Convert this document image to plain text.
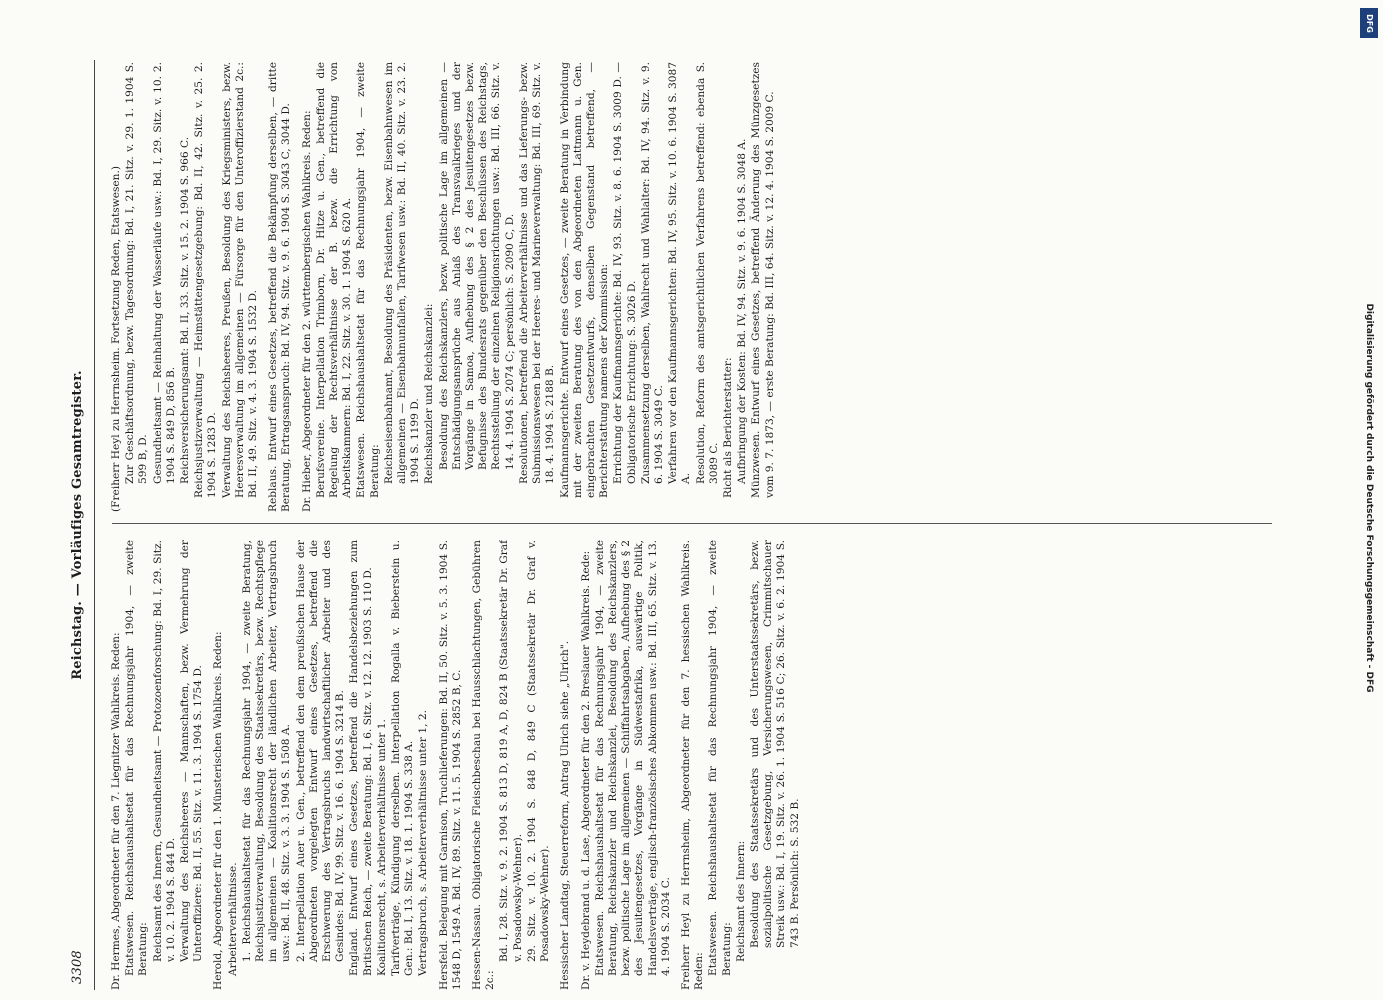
DFG
Digitalisierung gefördert durch die Deutsche Forschungsgemeinschaft - DFG
3308
Reichstag. — Vorläufiges Gesamtregister.

Dr. Hermes, Abgeordneter für den 7. Liegnitzer Wahlkreis. Reden: Etatswesen. Reichshaushaltsetat für das Rechnungsjahr 1904, — zweite Beratung: Reichsamt des Innern, Gesundheitsamt — Protozoenforschung: Bd. I, 29. Sitz. v. 10. 2. 1904 S. 844 D. Verwaltung des Reichsheeres — Mannschaften, bezw. Vermehrung der Unteroffiziere: Bd. II, 55. Sitz. v. 11. 3. 1904 S. 1754 D. Herold, Abgeordneter für den 1. Münsterischen Wahlkreis. Reden: Arbeiterverhältnisse. 1. Reichshaushaltsetat für das Rechnungsjahr 1904, — zweite Beratung, Reichsjustizverwaltung, Besoldung des Staatssekretärs, bezw. Rechtspflege im allgemeinen — Koalitionsrecht der ländlichen Arbeiter, Vertragsbruch usw.: Bd. II, 48. Sitz. v. 3. 3. 1904 S. 1508 A. 2. Interpellation Auer u. Gen., betreffend den dem preußischen Hause der Abgeordneten vorgelegten Entwurf eines Gesetzes, betreffend die Erschwerung des Vertragsbruchs landwirtschaftlicher Arbeiter und des Gesindes: Bd. IV, 99. Sitz. v. 16. 6. 1904 S. 3214 B. England. Entwurf eines Gesetzes, betreffend die Handelsbeziehungen zum Britischen Reich, — zweite Beratung: Bd. I, 6. Sitz. v. 12. 12. 1903 S. 110 D. Koalitionsrecht, s. Arbeiterverhältnisse unter 1. Tarifverträge, Kündigung derselben. Interpellation Rogalla v. Bieberstein u. Gen.: Bd. I, 13. Sitz. v. 18. 1. 1904 S. 338 A. Vertragsbruch, s. Arbeiterverhältnisse unter 1, 2. Hersfeld. Belegung mit Garnison, Truchlieferungen: Bd. II, 50. Sitz. v. 5. 3. 1904 S. 1548 D, 1549 A. Bd. IV, 89. Sitz. v. 11. 5. 1904 S. 2852 B, C. Hessen-Nassau. Obligatorische Fleischbeschau bei Hausschlachtungen, Gebühren 2c.:

Bd. I, 28. Sitz. v. 9. 2. 1904 S. 813 D, 819 A, D, 824 B (Staatssekretär Dr. Graf v. Posadowsky-Wehner). 29. Sitz. v. 10. 2. 1904 S. 848 D, 849 C (Staatssekretär Dr. Graf v. Posadowsky-Wehner). Hessischer Landtag, Steuerreform, Antrag Ulrich siehe „Ulrich". Dr. v. Heydebrand u. d. Lase, Abgeordneter für den 2. Breslauer Wahlkreis. Rede: Etatswesen. Reichshaushaltsetat für das Rechnungsjahr 1904, — zweite Beratung, Reichskanzler und Reichskanzlei, Besoldung des Reichskanzlers, bezw. politische Lage im allgemeinen — Schiffahrtsabgaben, Aufhebung des § 2 des Jesuitengesetzes, Vorgänge in Südwestafrika, auswärtige Politik, Handelsverträge, englisch-französisches Abkommen usw.: Bd. III, 65. Sitz. v. 13. 4. 1904 S. 2034 C. Freiherr Heyl zu Herrnsheim, Abgeordneter für den 7. hessischen Wahlkreis. Reden: Etatswesen. Reichshaushaltsetat für das Rechnungsjahr 1904, — zweite Beratung: Reichsamt des Innern: Besoldung des Staatssekretärs und des Unterstaatssekretärs, bezw. sozialpolitische Gesetzgebung, Versicherungswesen, Crimmitschauer Streik usw.: Bd. I, 19. Sitz. v. 26. 1. 1904 S. 516 C; 26. Sitz. v. 6. 2. 1904 S. 743 B. Persönlich: S. 532 B.

(Freiherr Heyl zu Herrnsheim. Fortsetzung Reden, Etatswesen.) Zur Geschäftsordnung, bezw. Tagesordnung: Bd. I, 21. Sitz. v. 29. 1. 1904 S. 599 B, D. Gesundheitsamt — Reinhaltung der Wasserläufe usw.: Bd. I, 29. Sitz. v. 10. 2. 1904 S. 849 D, 856 B. Reichsversicherungsamt: Bd. II, 33. Sitz. v. 15. 2. 1904 S. 966 C. Reichsjustizverwaltung — Heimstättengesetzgebung: Bd. II, 42. Sitz. v. 25. 2. 1904 S. 1283 D. Verwaltung des Reichsheeres, Preußen, Besoldung des Kriegsministers, bezw. Heeresverwaltung im allgemeinen — Fürsorge für den Unteroffizierstand 2c.: Bd. II, 49. Sitz. v. 4. 3. 1904 S. 1532 D. Reblaus. Entwurf eines Gesetzes, betreffend die Bekämpfung derselben, — dritte Beratung, Ertragsanspruch: Bd. IV, 94. Sitz. v. 9. 6. 1904 S. 3043 C, 3044 D. Dr. Hieber, Abgeordneter für den 2. württembergischen Wahlkreis. Reden: Berufsvereine. Interpellation Trimborn, Dr. Hitze u. Gen., betreffend die Regelung der Rechtsverhältnisse der B. bezw. die Errichtung von Arbeitskammern: Bd. I, 22. Sitz. v. 30. 1. 1904 S. 620 A. Etatswesen. Reichshaushaltsetat für das Rechnungsjahr 1904, — zweite Beratung: Reichseisenbahnamt, Besoldung des Präsidenten, bezw. Eisenbahnwesen im allgemeinen — Eisenbahnunfallen, Tarifwesen usw.: Bd. II, 40. Sitz. v. 23. 2. 1904 S. 1199 D. Reichskanzler und Reichskanzlei: Besoldung des Reichskanzlers, bezw. politische Lage im allgemeinen — Entschädigungsansprüche aus Anlaß des Transvaalkrieges und der Vorgänge in Samoa, Aufhebung des § 2 des Jesuitengesetzes bezw. Befugnisse des Bundesrats gegenüber den Beschlüssen des Reichstags, Rechtsstellung der einzelnen Religionsrichtungen usw.: Bd. III, 66. Sitz. v. 14. 4. 1904 S. 2074 C; persönlich: S. 2090 C, D. Resolutionen, betreffend die Arbeiterverhältnisse und das Lieferungs- bezw. Submissionswesen bei der Heeres- und Marineverwaltung: Bd. III, 69. Sitz. v. 18. 4. 1904 S. 2188 B. Kaufmannsgerichte. Entwurf eines Gesetzes, — zweite Beratung in Verbindung mit der zweiten Beratung des von den Abgeordneten Lattmann u. Gen. eingebrachten Gesetzentwurfs, denselben Gegenstand betreffend, — Berichterstattung namens der Kommission: Errichtung der Kaufmannsgerichte: Bd. IV, 93. Sitz. v. 8. 6. 1904 S. 3009 D. — Obligatorische Errichtung: S. 3026 D. Zusammensetzung derselben, Wahlrecht und Wahlalter: Bd. IV, 94. Sitz. v. 9. 6. 1904 S. 3049 C. Verfahren vor den Kaufmannsgerichten: Bd. IV, 95. Sitz. v. 10. 6. 1904 S. 3087 A. Resolution, Reform des amtsgerichtlichen Verfahrens betreffend: ebenda S. 3089 C. Richt als Berichterstatter: Aufbringung der Kosten: Bd. IV, 94. Sitz. v. 9. 6. 1904 S. 3048 A. Münzwesen. Entwurf eines Gesetzes, betreffend Änderung des Münzgesetzes vom 9. 7. 1873, — erste Beratung: Bd. III, 64. Sitz. v. 12. 4. 1904 S. 2009 C.
